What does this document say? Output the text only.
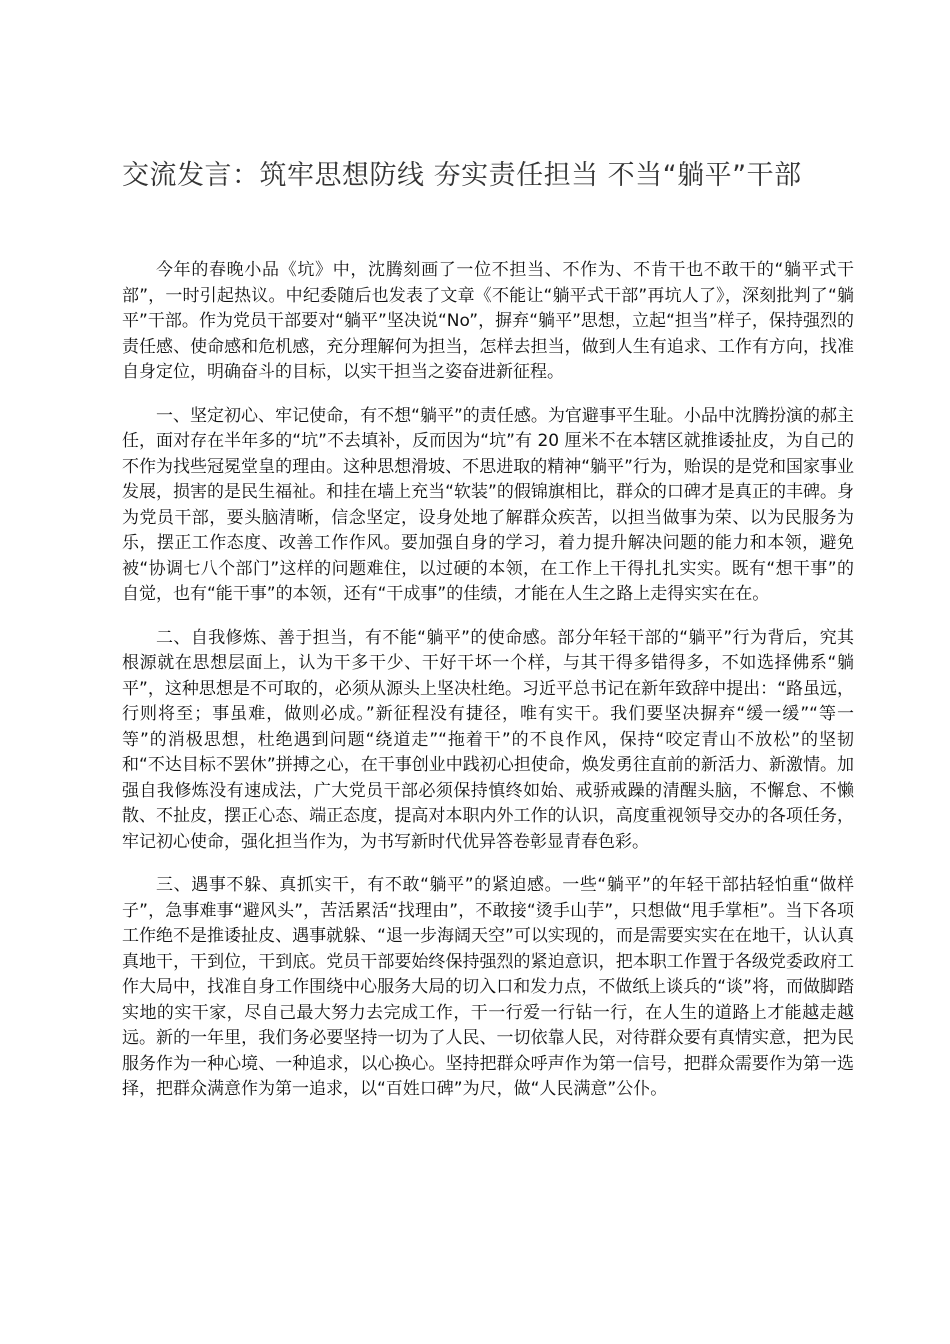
交流发言：筑牢思想防线 夯实责任担当 不当“躺平”干部

今年的春晚小品《坑》中，沈腾刻画了一位不担当、不作为、不肯干也不敢干的“躺平式干部”，一时引起热议。中纪委随后也发表了文章《不能让“躺平式干部”再坑人了》，深刻批判了“躺平”干部。作为党员干部要对“躺平”坚决说“No”，摒弃“躺平”思想，立起“担当”样子，保持强烈的责任感、使命感和危机感，充分理解何为担当，怎样去担当，做到人生有追求、工作有方向，找准自身定位，明确奋斗的目标，以实干担当之姿奋进新征程。

一、坚定初心、牢记使命，有不想“躺平”的责任感。为官避事平生耻。小品中沈腾扮演的郝主任，面对存在半年多的“坑”不去填补，反而因为“坑”有 20 厘米不在本辖区就推诿扯皮，为自己的不作为找些冠冕堂皇的理由。这种思想滑坡、不思进取的精神“躺平”行为，贻误的是党和国家事业发展，损害的是民生福祉。和挂在墙上充当“软装”的假锦旗相比，群众的口碑才是真正的丰碑。身为党员干部，要头脑清晰，信念坚定，设身处地了解群众疾苦，以担当做事为荣、以为民服务为乐，摆正工作态度、改善工作作风。要加强自身的学习，着力提升解决问题的能力和本领，避免被“协调七八个部门”这样的问题难住，以过硬的本领，在工作上干得扎扎实实。既有“想干事”的自觉，也有“能干事”的本领，还有“干成事”的佳绩，才能在人生之路上走得实实在在。

二、自我修炼、善于担当，有不能“躺平”的使命感。部分年轻干部的“躺平”行为背后，究其根源就在思想层面上，认为干多干少、干好干坏一个样，与其干得多错得多，不如选择佛系“躺平”，这种思想是不可取的，必须从源头上坚决杜绝。习近平总书记在新年致辞中提出：“路虽远，行则将至；事虽难，做则必成。”新征程没有捷径，唯有实干。我们要坚决摒弃“缓一缓”“等一等”的消极思想，杜绝遇到问题“绕道走”“拖着干”的不良作风，保持“咬定青山不放松”的坚韧和“不达目标不罢休”拼搏之心，在干事创业中践初心担使命，焕发勇往直前的新活力、新激情。加强自我修炼没有速成法，广大党员干部必须保持慎终如始、戒骄戒躁的清醒头脑，不懈怠、不懒散、不扯皮，摆正心态、端正态度，提高对本职内外工作的认识，高度重视领导交办的各项任务，牢记初心使命，强化担当作为，为书写新时代优异答卷彰显青春色彩。

三、遇事不躲、真抓实干，有不敢“躺平”的紧迫感。一些“躺平”的年轻干部拈轻怕重“做样子”，急事难事“避风头”，苦活累活“找理由”，不敢接“烫手山芋”，只想做“甩手掌柜”。当下各项工作绝不是推诿扯皮、遇事就躲、“退一步海阔天空”可以实现的，而是需要实实在在地干，认认真真地干，干到位，干到底。党员干部要始终保持强烈的紧迫意识，把本职工作置于各级党委政府工作大局中，找准自身工作围绕中心服务大局的切入口和发力点，不做纸上谈兵的“谈”将，而做脚踏实地的实干家，尽自己最大努力去完成工作，干一行爱一行钻一行，在人生的道路上才能越走越远。新的一年里，我们务必要坚持一切为了人民、一切依靠人民，对待群众要有真情实意，把为民服务作为一种心境、一种追求，以心换心。坚持把群众呼声作为第一信号，把群众需要作为第一选择，把群众满意作为第一追求，以“百姓口碑”为尺，做“人民满意”公仆。
